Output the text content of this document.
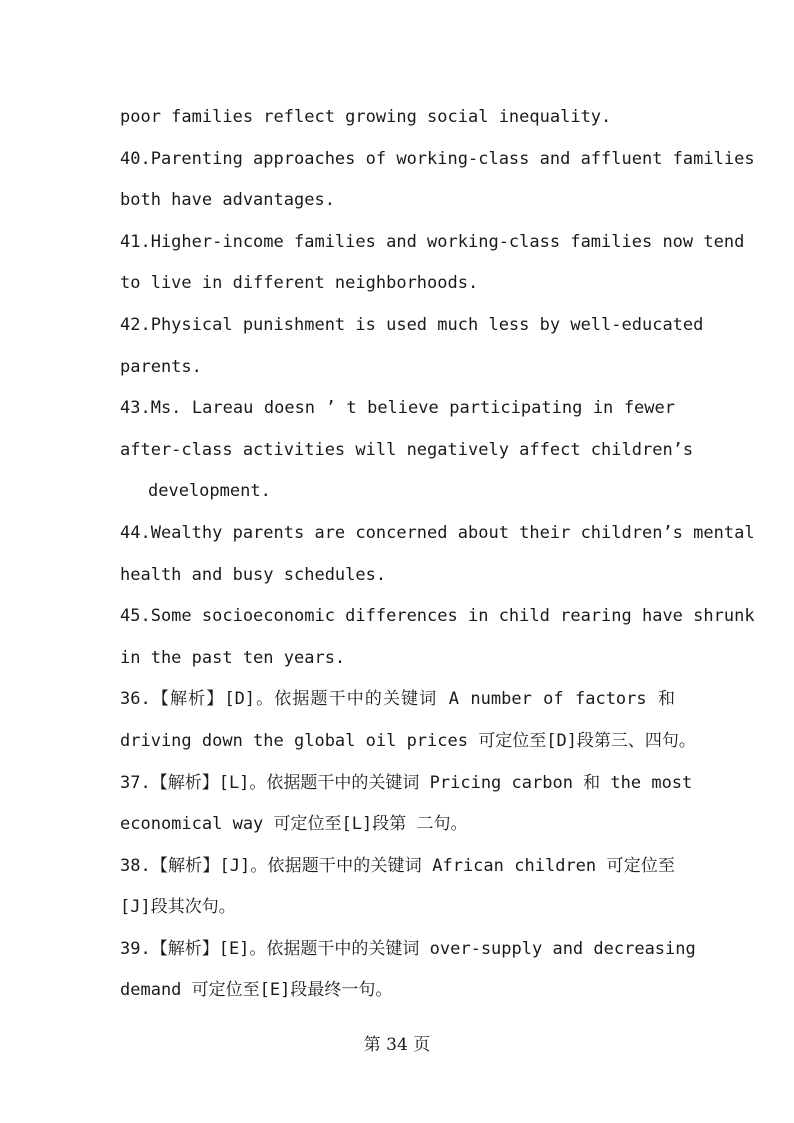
poor families reflect growing social inequality.
40.Parenting approaches of working-class and affluent families
both have advantages.
41.Higher-income families and working-class families now tend
to live in different neighborhoods.
42.Physical punishment is used much less by well-educated
parents.
43.Ms. Lareau doesn ’ t believe participating in fewer
after-class activities will negatively affect children’s
development.
44.Wealthy parents are concerned about their children’s mental
health and busy schedules.
45.Some socioeconomic differences in child rearing have shrunk
in the past ten years.
36.【解析】[D]。依据题干中的关键词 A number of factors 和
driving down the global oil prices 可定位至[D]段第三、四句。
37.【解析】[L]。依据题干中的关键词 Pricing carbon 和 the most
economical way 可定位至[L]段第 二句。
38.【解析】[J]。依据题干中的关键词 African children 可定位至
[J]段其次句。
39.【解析】[E]。依据题干中的关键词 over-supply and decreasing
demand 可定位至[E]段最终一句。
第 34 页
